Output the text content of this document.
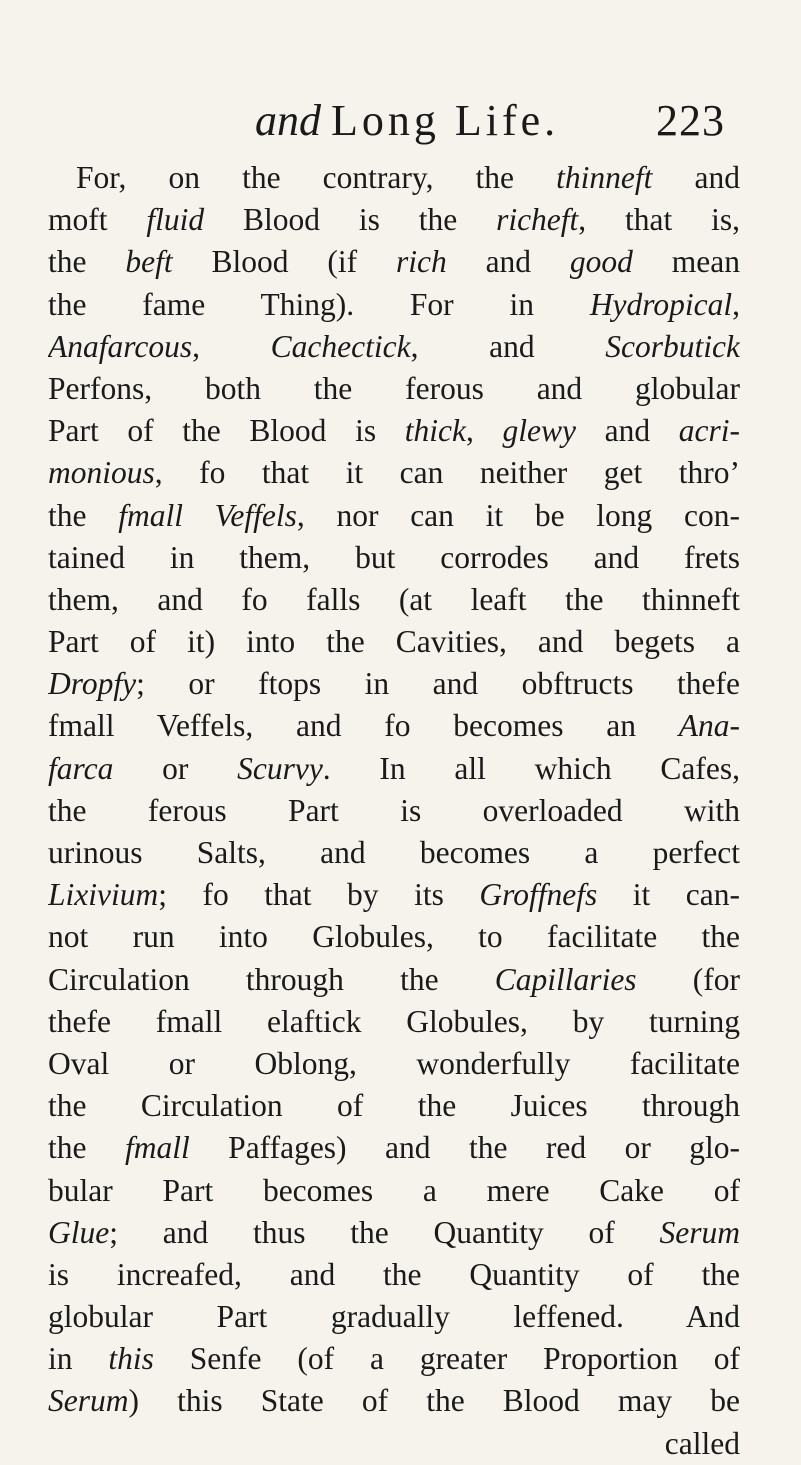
and Long Life. 223
For, on the contrary, the thinneft and
moft fluid Blood is the richeft, that is,
the beft Blood (if rich and good mean
the fame Thing). For in Hydropical,
Anafarcous, Cachectick, and Scorbutick
Perfons, both the ferous and globular
Part of the Blood is thick, glewy and acri-
monious, fo that it can neither get thro’
the fmall Veffels, nor can it be long con-
tained in them, but corrodes and frets
them, and fo falls (at leaft the thinneft
Part of it) into the Cavities, and begets a
Dropfy; or ftops in and obftructs thefe
fmall Veffels, and fo becomes an Ana-
farca or Scurvy. In all which Cafes,
the ferous Part is overloaded with
urinous Salts, and becomes a perfect
Lixivium; fo that by its Groffnefs it can-
not run into Globules, to facilitate the
Circulation through the Capillaries (for
thefe fmall elaftick Globules, by turning
Oval or Oblong, wonderfully facilitate
the Circulation of the Juices through
the fmall Paffages) and the red or glo-
bular Part becomes a mere Cake of
Glue; and thus the Quantity of Serum
is increafed, and the Quantity of the
globular Part gradually leffened. And
in this Senfe (of a greater Proportion of
Serum) this State of the Blood may be
called
